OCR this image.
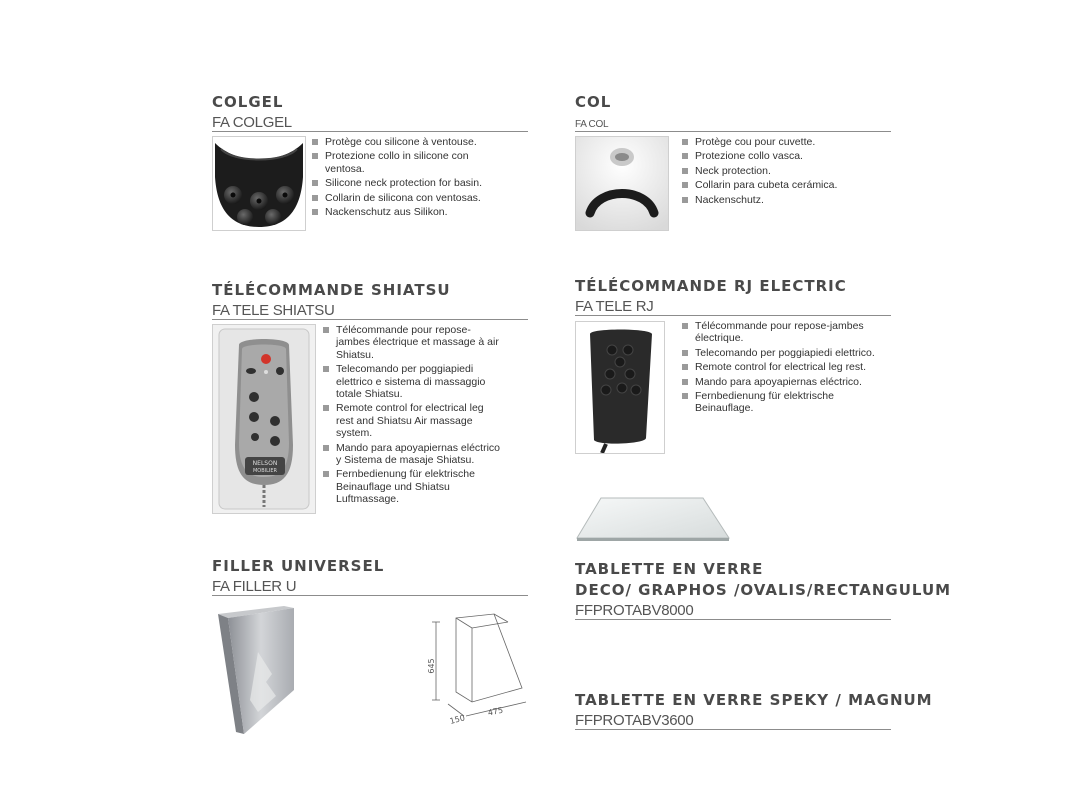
COLGEL
FA COLGEL
Protège cou silicone à ventouse.
Protezione collo in silicone con ventosa.
Silicone neck protection for basin.
Collarin de silicona con ventosas.
Nackenschutz aus Silikon.
COL
FA COL
Protège cou pour cuvette.
Protezione collo vasca.
Neck protection.
Collarin para cubeta cerámica.
Nackenschutz.
TÉLÉCOMMANDE SHIATSU
FA TELE SHIATSU
NELSON
MOBILIER
Télécommande pour repose-jambes électrique et massage à air Shiatsu.
Telecomando per poggiapiedi elettrico e sistema di massaggio totale Shiatsu.
Remote control for electrical leg rest and Shiatsu Air massage system.
Mando para apoyapiernas eléctrico y Sistema de masaje Shiatsu.
Fernbedienung für elektrische Beinauflage und Shiatsu Luftmassage.
TÉLÉCOMMANDE RJ ELECTRIC
FA TELE RJ
Télécommande pour repose-jambes électrique.
Telecomando per poggiapiedi elettrico.
Remote control for electrical leg rest.
Mando para apoyapiernas eléctrico.
Fernbedienung für elektrische Beinauflage.
FILLER UNIVERSEL
FA FILLER U
645
150
475
TABLETTE EN VERRE
DECO/ GRAPHOS /OVALIS/RECTANGULUM
FFPROTABV8000
TABLETTE EN VERRE SPEKY / MAGNUM
FFPROTABV3600
